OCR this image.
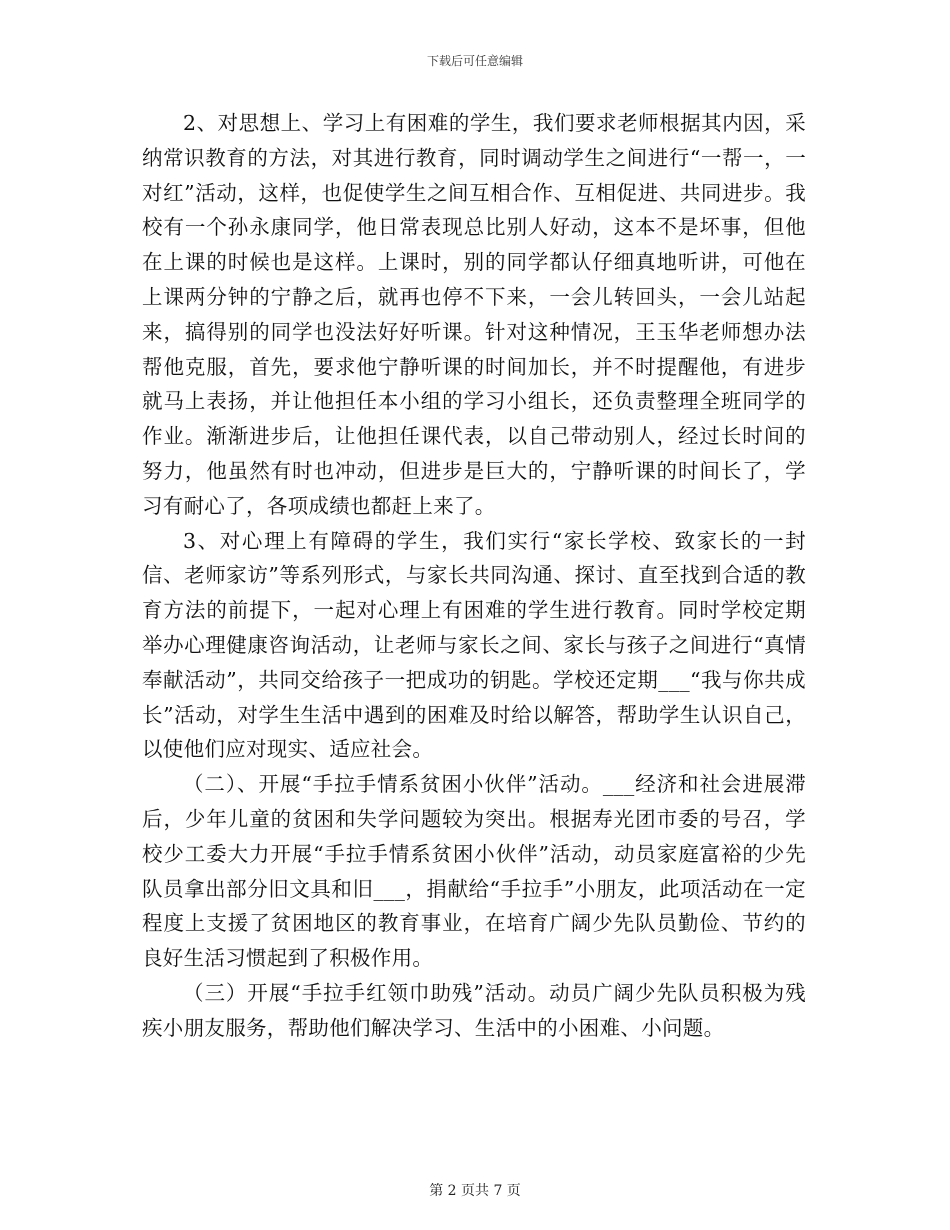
下载后可任意编辑

2、对思想上、学习上有困难的学生，我们要求老师根据其内因，采纳常识教育的方法，对其进行教育，同时调动学生之间进行“一帮一，一对红”活动，这样，也促使学生之间互相合作、互相促进、共同进步。我校有一个孙永康同学，他日常表现总比别人好动，这本不是坏事，但他在上课的时候也是这样。上课时，别的同学都认仔细真地听讲，可他在上课两分钟的宁静之后，就再也停不下来，一会儿转回头，一会儿站起来，搞得别的同学也没法好好听课。针对这种情况，王玉华老师想办法帮他克服，首先，要求他宁静听课的时间加长，并不时提醒他，有进步就马上表扬，并让他担任本小组的学习小组长，还负责整理全班同学的作业。渐渐进步后，让他担任课代表，以自己带动别人，经过长时间的努力，他虽然有时也冲动，但进步是巨大的，宁静听课的时间长了，学习有耐心了，各项成绩也都赶上来了。

3、对心理上有障碍的学生，我们实行“家长学校、致家长的一封信、老师家访”等系列形式，与家长共同沟通、探讨、直至找到合适的教育方法的前提下，一起对心理上有困难的学生进行教育。同时学校定期举办心理健康咨询活动，让老师与家长之间、家长与孩子之间进行“真情奉献活动”，共同交给孩子一把成功的钥匙。学校还定期___“我与你共成长”活动，对学生生活中遇到的困难及时给以解答，帮助学生认识自己，以使他们应对现实、适应社会。

（二）、开展“手拉手情系贫困小伙伴”活动。___经济和社会进展滞后，少年儿童的贫困和失学问题较为突出。根据寿光团市委的号召，学校少工委大力开展“手拉手情系贫困小伙伴”活动，动员家庭富裕的少先队员拿出部分旧文具和旧___，捐献给“手拉手”小朋友，此项活动在一定程度上支援了贫困地区的教育事业，在培育广阔少先队员勤俭、节约的良好生活习惯起到了积极作用。

（三）开展“手拉手红领巾助残”活动。动员广阔少先队员积极为残疾小朋友服务，帮助他们解决学习、生活中的小困难、小问题。

第 2 页共 7 页
